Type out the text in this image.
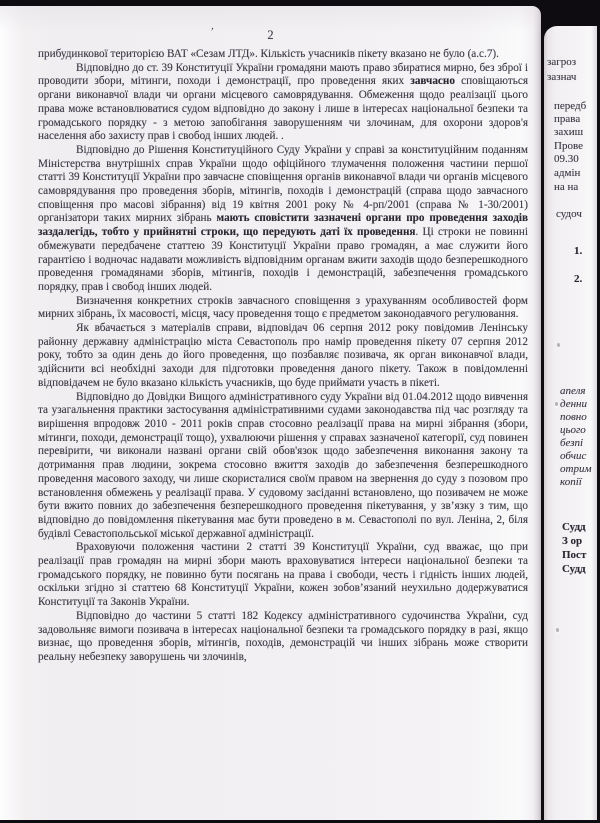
2
’

прибудинкової територією ВАТ «Сезам ЛТД». Кількість учасників пікету вказано не було (а.с.7).

Відповідно до ст. 39 Конституції України громадяни мають право збиратися мирно, без зброї і проводити збори, мітинги, походи і демонстрації, про проведення яких завчасно сповіщаються органи виконавчої влади чи органи місцевого самоврядування. Обмеження щодо реалізації цього права може встановлюватися судом відповідно до закону і лише в інтересах національної безпеки та громадського порядку - з метою запобігання заворушенням чи злочинам, для охорони здоров'я населення або захисту прав і свобод інших людей. .

Відповідно до Рішення Конституційного Суду України у справі за конституційним поданням Міністерства внутрішніх справ України щодо офіційного тлумачення положення частини першої статті 39 Конституції України про завчасне сповіщення органів виконавчої влади чи органів місцевого самоврядування про проведення зборів, мітингів, походів і демонстрацій (справа щодо завчасного сповіщення про масові зібрання) від 19 квітня 2001 року № 4-рп/2001 (справа № 1-30/2001) організатори таких мирних зібрань мають сповістити зазначені органи про проведення заходів заздалегідь, тобто у прийнятні строки, що передують даті їх проведення. Ці строки не повинні обмежувати передбачене статтею 39 Конституції України право громадян, а має служити його гарантією і водночас надавати можливість відповідним органам вжити заходів щодо безперешкодного проведення громадянами зборів, мітингів, походів і демонстрацій, забезпечення громадського порядку, прав і свобод інших людей.

Визначення конкретних строків завчасного сповіщення з урахуванням особливостей форм мирних зібрань, їх масовості, місця, часу проведення тощо є предметом законодавчого регулювання.

Як вбачається з матеріалів справи, відповідач 06 серпня 2012 року повідомив Ленінську районну державну адміністрацію міста Севастополь про намір проведення пікету 07 серпня 2012 року, тобто за один день до його проведення, що позбавляє позивача, як орган виконавчої влади, здійснити всі необхідні заходи для підготовки проведення даного пікету. Також в повідомленні відповідачем не було вказано кількість учасників, що буде приймати участь в пікеті.

Відповідно до Довідки Вищого адміністративного суду України від 01.04.2012 щодо вивчення та узагальнення практики застосування адміністративними судами законодавства під час розгляду та вирішення впродовж 2010 - 2011 років справ стосовно реалізації права на мирні зібрання (збори, мітинги, походи, демонстрації тощо), ухвалюючи рішення у справах зазначеної категорії, суд повинен перевірити, чи виконали названі органи свій обов'язок щодо забезпечення виконання закону та дотримання прав людини, зокрема стосовно вжиття заходів до забезпечення безперешкодного проведення масового заходу, чи лише скористалися своїм правом на звернення до суду з позовом про встановлення обмежень у реалізації права. У судовому засіданні встановлено, що позивачем не може бути вжито повних до забезпечення безперешкодного проведення пікетування, у зв’язку з тим, що відповідно до повідомлення пікетування має бути проведено в м. Севастополі по вул. Леніна, 2, біля будівлі Севастопольської міської державної адміністрації.

Враховуючи положення частини 2 статті 39 Конституції України, суд вважає, що при реалізації прав громадян на мирні збори мають враховуватися інтереси національної безпеки та громадського порядку, не повинно бути посягань на права і свободи, честь і гідність інших людей, оскільки згідно зі статтею 68 Конституції України, кожен зобов’язаний неухильно додержуватися Конституції та Законів України.

Відповідно до частини 5 статті 182 Кодексу адміністративного судочинства України, суд задовольняє вимоги позивача в інтересах національної безпеки та громадського порядку в разі, якщо визнає, що проведення зборів, мітингів, походів, демонстрацій чи інших зібрань може створити реальну небезпеку заворушень чи злочинів,

загроз
зазнач
передб
права
захиш
Прове
09.30
адмін
на на
судоч
1.
2.
апеля
денни
повно
цього
безпі
обчис
отрим
копії
Судд
З ор
Пост
Судд
